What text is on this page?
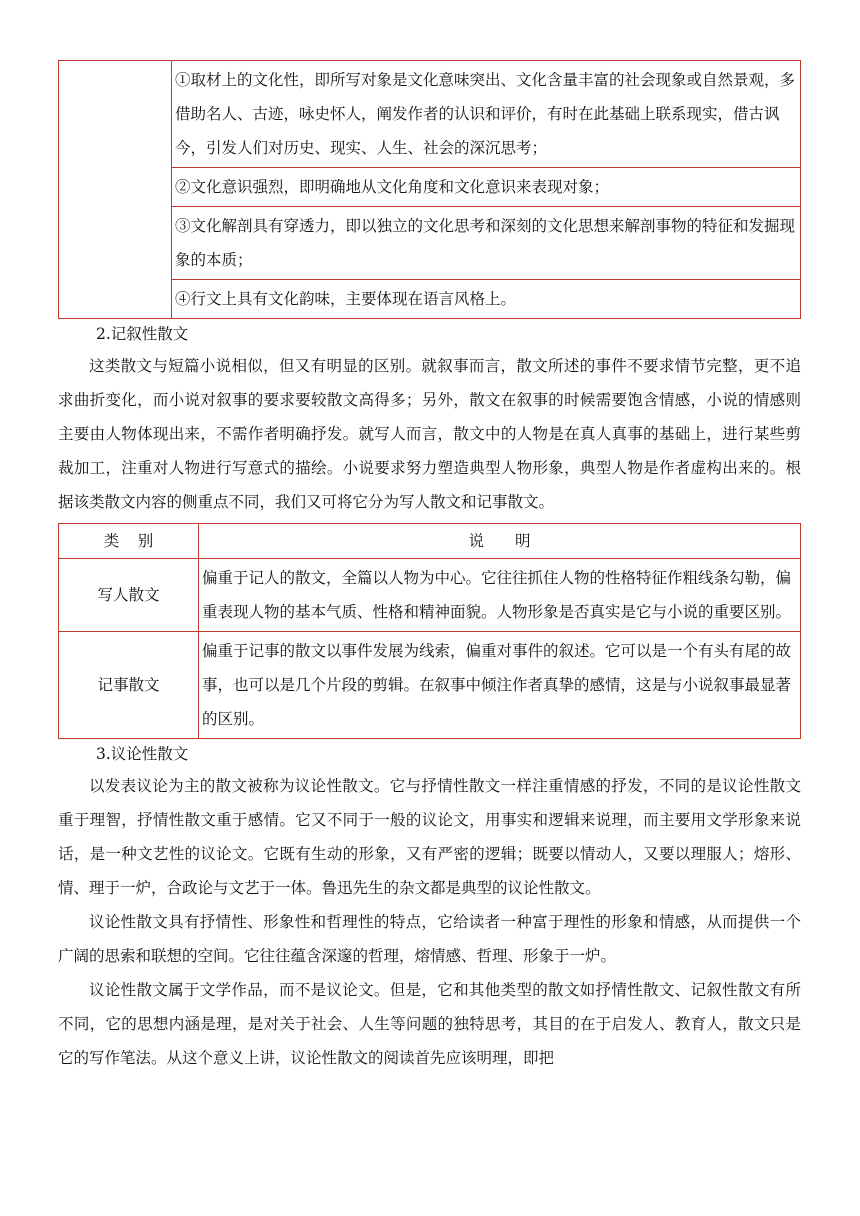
	①取材上的文化性，即所写对象是文化意味突出、文化含量丰富的社会现象或自然景观，多借助名人、古迹，咏史怀人，阐发作者的认识和评价，有时在此基础上联系现实，借古讽今，引发人们对历史、现实、人生、社会的深沉思考；
②文化意识强烈，即明确地从文化角度和文化意识来表现对象；
③文化解剖具有穿透力，即以独立的文化思考和深刻的文化思想来解剖事物的特征和发掘现象的本质；
④行文上具有文化韵味，主要体现在语言风格上。
2.记叙性散文

这类散文与短篇小说相似，但又有明显的区别。就叙事而言，散文所述的事件不要求情节完整，更不追求曲折变化，而小说对叙事的要求要较散文高得多；另外，散文在叙事的时候需要饱含情感，小说的情感则主要由人物体现出来，不需作者明确抒发。就写人而言，散文中的人物是在真人真事的基础上，进行某些剪裁加工，注重对人物进行写意式的描绘。小说要求努力塑造典型人物形象，典型人物是作者虚构出来的。根据该类散文内容的侧重点不同，我们又可将它分为写人散文和记事散文。

类别	说明
写人散文	偏重于记人的散文，全篇以人物为中心。它往往抓住人物的性格特征作粗线条勾勒，偏重表现人物的基本气质、性格和精神面貌。人物形象是否真实是它与小说的重要区别。
记事散文	偏重于记事的散文以事件发展为线索，偏重对事件的叙述。它可以是一个有头有尾的故事，也可以是几个片段的剪辑。在叙事中倾注作者真挚的感情，这是与小说叙事最显著的区别。
3.议论性散文

以发表议论为主的散文被称为议论性散文。它与抒情性散文一样注重情感的抒发，不同的是议论性散文重于理智，抒情性散文重于感情。它又不同于一般的议论文，用事实和逻辑来说理，而主要用文学形象来说话，是一种文艺性的议论文。它既有生动的形象，又有严密的逻辑；既要以情动人，又要以理服人；熔形、情、理于一炉，合政论与文艺于一体。鲁迅先生的杂文都是典型的议论性散文。

议论性散文具有抒情性、形象性和哲理性的特点，它给读者一种富于理性的形象和情感，从而提供一个广阔的思索和联想的空间。它往往蕴含深邃的哲理，熔情感、哲理、形象于一炉。

议论性散文属于文学作品，而不是议论文。但是，它和其他类型的散文如抒情性散文、记叙性散文有所不同，它的思想内涵是理，是对关于社会、人生等问题的独特思考，其目的在于启发人、教育人，散文只是它的写作笔法。从这个意义上讲，议论性散文的阅读首先应该明理，即把
